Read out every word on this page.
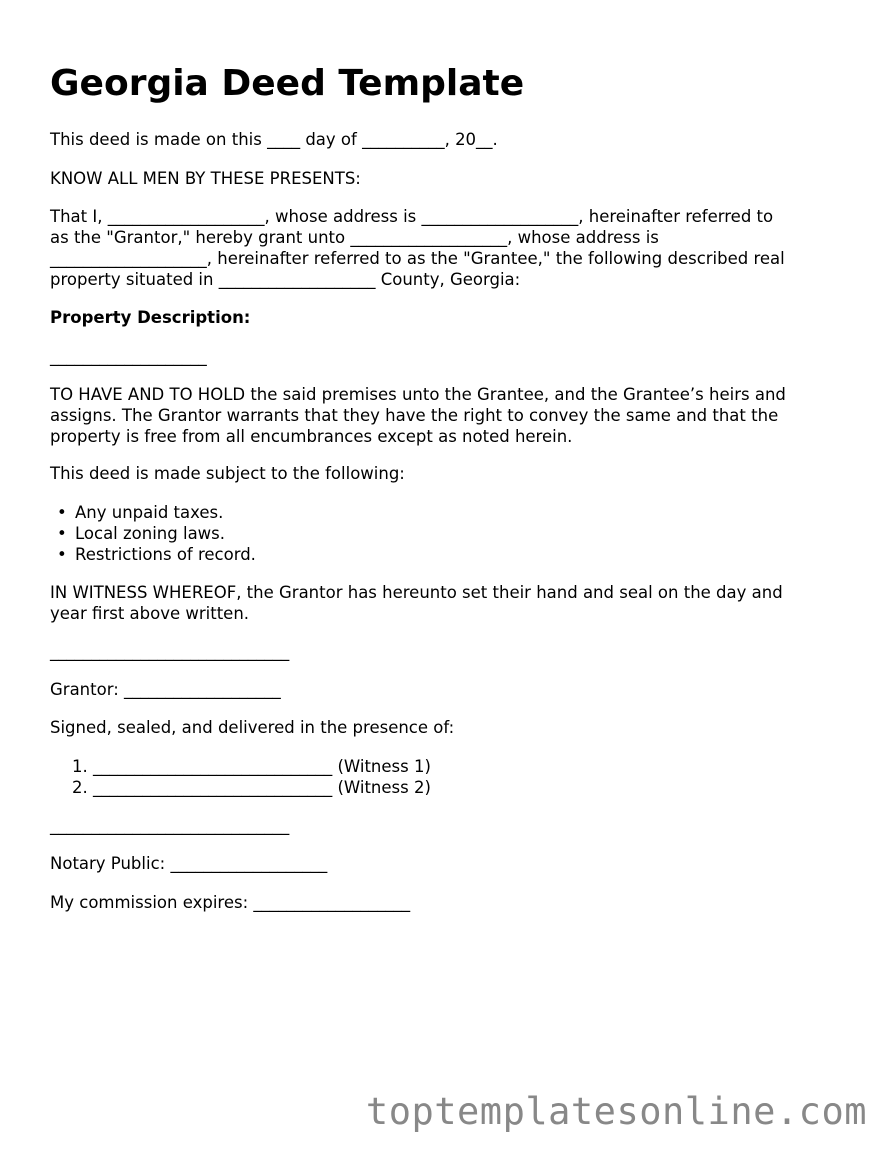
Georgia Deed Template

This deed is made on this ____ day of __________, 20__.

KNOW ALL MEN BY THESE PRESENTS:

That I, ___________________, whose address is ___________________, hereinafter referred to

as the "Grantor," hereby grant unto ___________________, whose address is

___________________, hereinafter referred to as the "Grantee," the following described real

property situated in ___________________ County, Georgia:

Property Description:

___________________

TO HAVE AND TO HOLD the said premises unto the Grantee, and the Grantee’s heirs and

assigns. The Grantor warrants that they have the right to convey the same and that the

property is free from all encumbrances except as noted herein.

This deed is made subject to the following:

• Any unpaid taxes.
• Local zoning laws.
• Restrictions of record.

IN WITNESS WHEREOF, the Grantor has hereunto set their hand and seal on the day and

year first above written.

_____________________________

Grantor: ___________________

Signed, sealed, and delivered in the presence of:

1. _____________________________ (Witness 1)
2. _____________________________ (Witness 2)

_____________________________

Notary Public: ___________________

My commission expires: ___________________

toptemplatesonline.com
